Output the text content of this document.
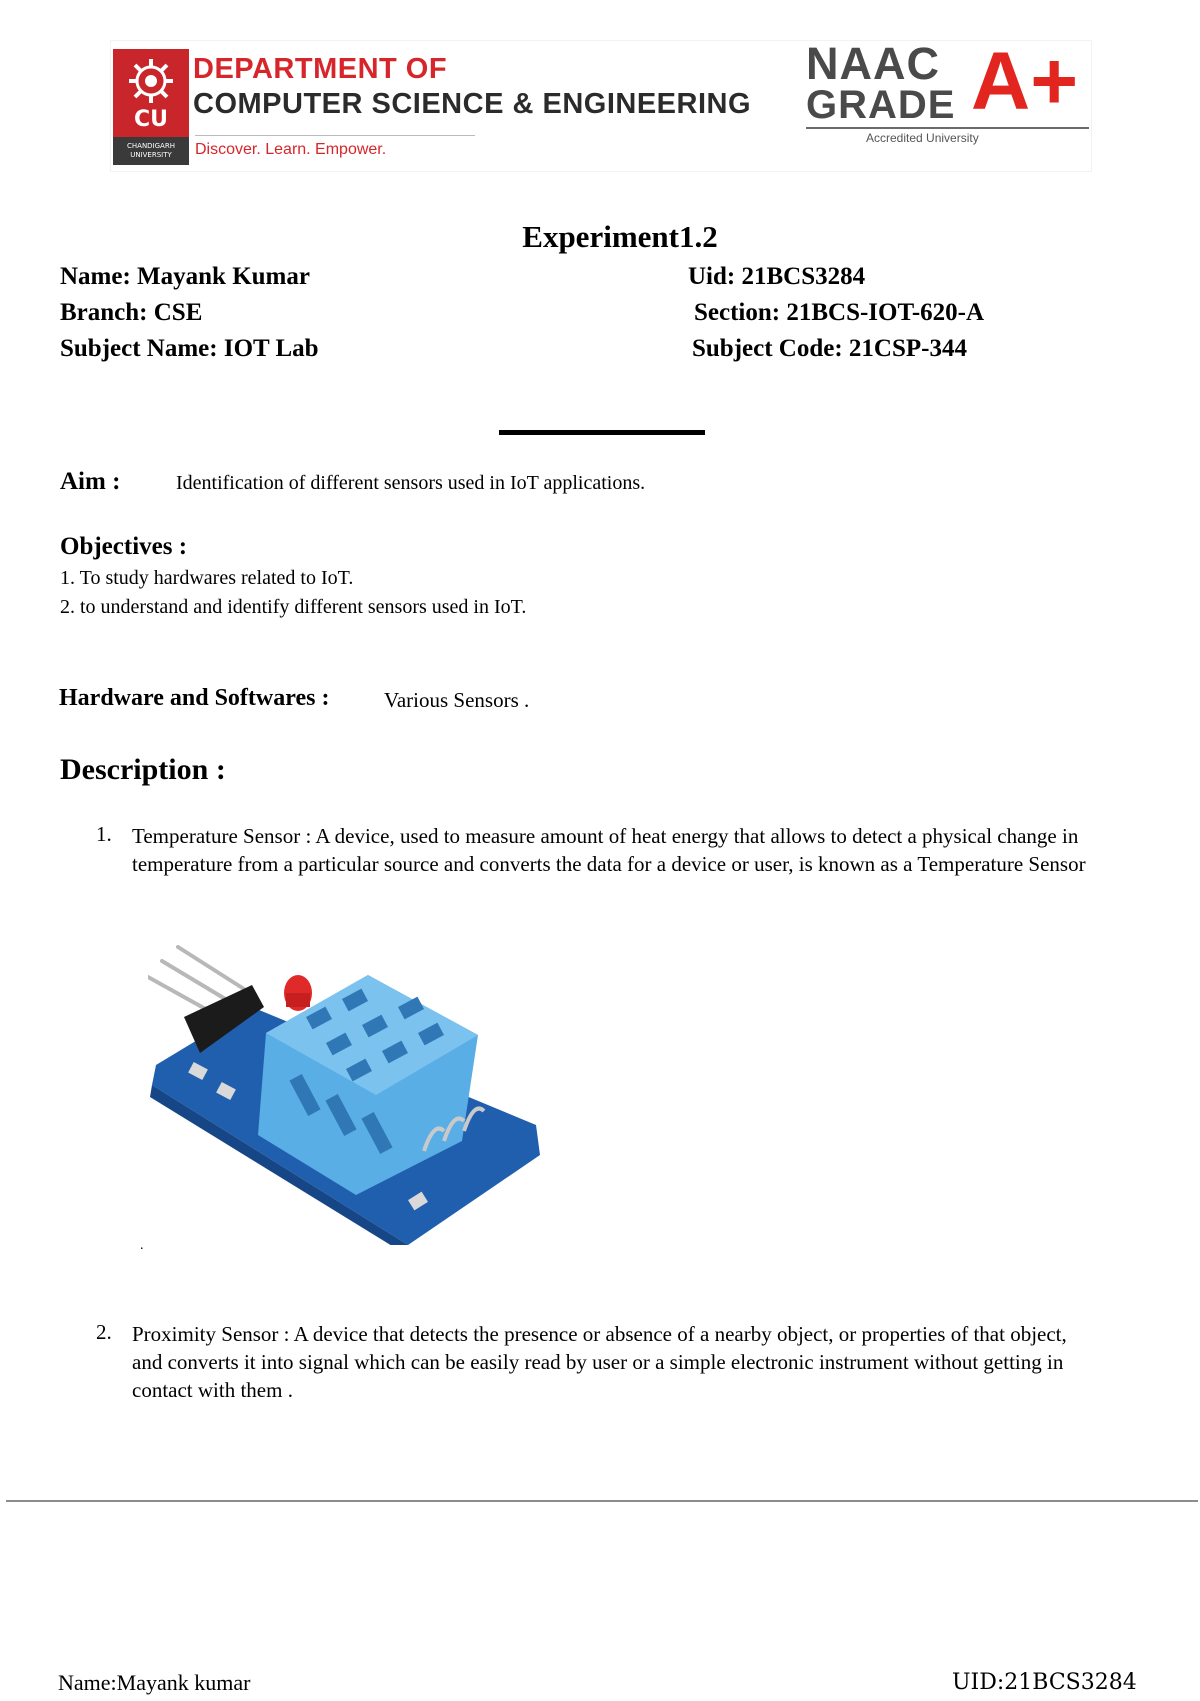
CU
CHANDIGARH UNIVERSITY
DEPARTMENT OF
COMPUTER SCIENCE & ENGINEERING
Discover. Learn. Empower.
NAAC
GRADE A+
Accredited University
Experiment1.2
Name: Mayank Kumar
Branch: CSE
Subject Name: IOT Lab
Uid: 21BCS3284
Section: 21BCS-IOT-620-A
Subject Code: 21CSP-344
Aim :	Identification of different sensors used in IoT applications.
Objectives :
1. To study hardwares related to IoT.
2. to understand and identify different sensors used in IoT.
Hardware and Softwares :	Various Sensors .
Description :
1. Temperature Sensor : A device, used to measure amount of heat energy that allows to detect a physical change in temperature from a particular source and converts the data for a device or user, is known as a Temperature Sensor
.
2. Proximity Sensor : A device that detects the presence or absence of a nearby object, or properties of that object, and converts it into signal which can be easily read by user or a simple electronic instrument without getting in contact with them .
Name:Mayank kumar	UID:21BCS3284
